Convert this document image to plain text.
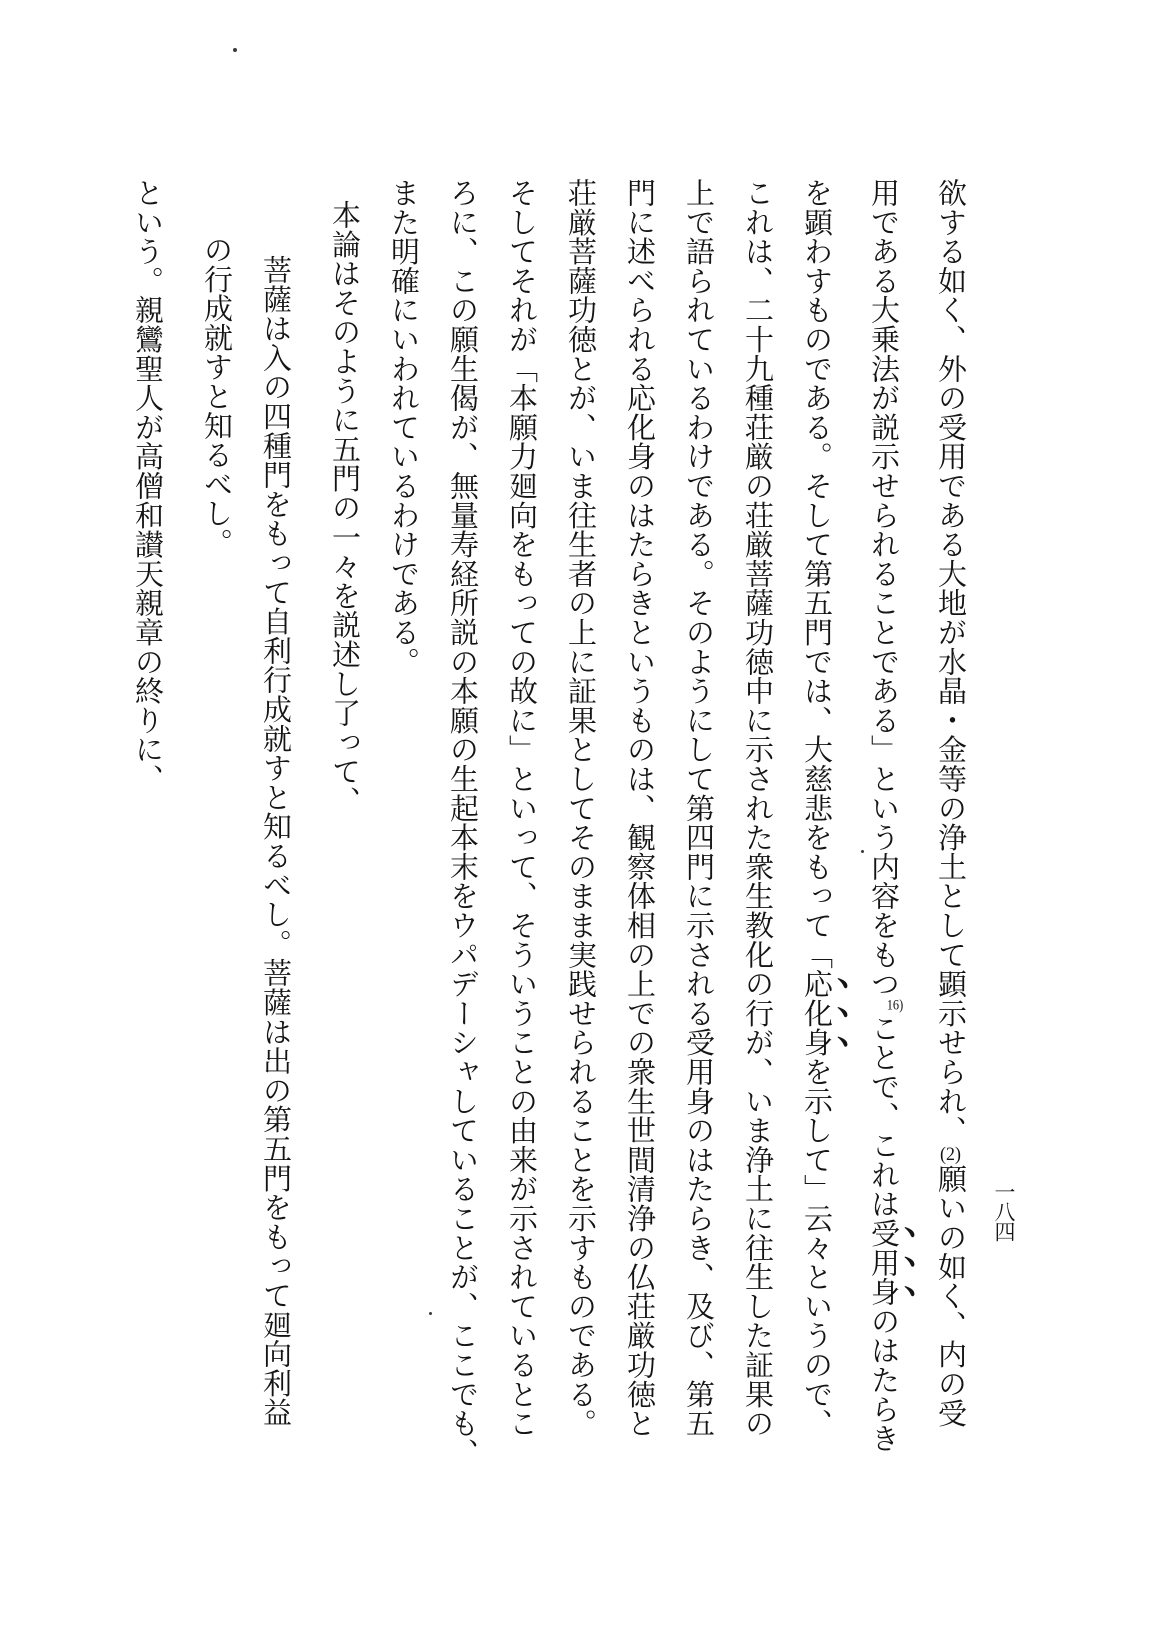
一八四
欲する如く、外の受用である大地が水晶・金等の浄土として顕示せられ、(2)願いの如く、内の受
用である大乗法が説示せられることである」という内容をもつ16)ことで、これは受用身のはたらき
を顕わすものである。そして第五門では、大慈悲をもって「応化身を示して」云々というので、
これは、二十九種荘厳の荘厳菩薩功徳中に示された衆生教化の行が、いま浄土に往生した証果の
上で語られているわけである。そのようにして第四門に示される受用身のはたらき、及び、第五
門に述べられる応化身のはたらきというものは、観察体相の上での衆生世間清浄の仏荘厳功徳と
荘厳菩薩功徳とが、いま往生者の上に証果としてそのまま実践せられることを示すものである。
そしてそれが「本願力廻向をもっての故に」といって、そういうことの由来が示されているとこ
ろに、この願生偈が、無量寿経所説の本願の生起本末をウパデーシャしていることが、ここでも、
また明確にいわれているわけである。
本論はそのように五門の一々を説述し了って、
菩薩は入の四種門をもって自利行成就すと知るべし。菩薩は出の第五門をもって廻向利益
の行成就すと知るべし。
という。親鸞聖人が高僧和讃天親章の終りに、
